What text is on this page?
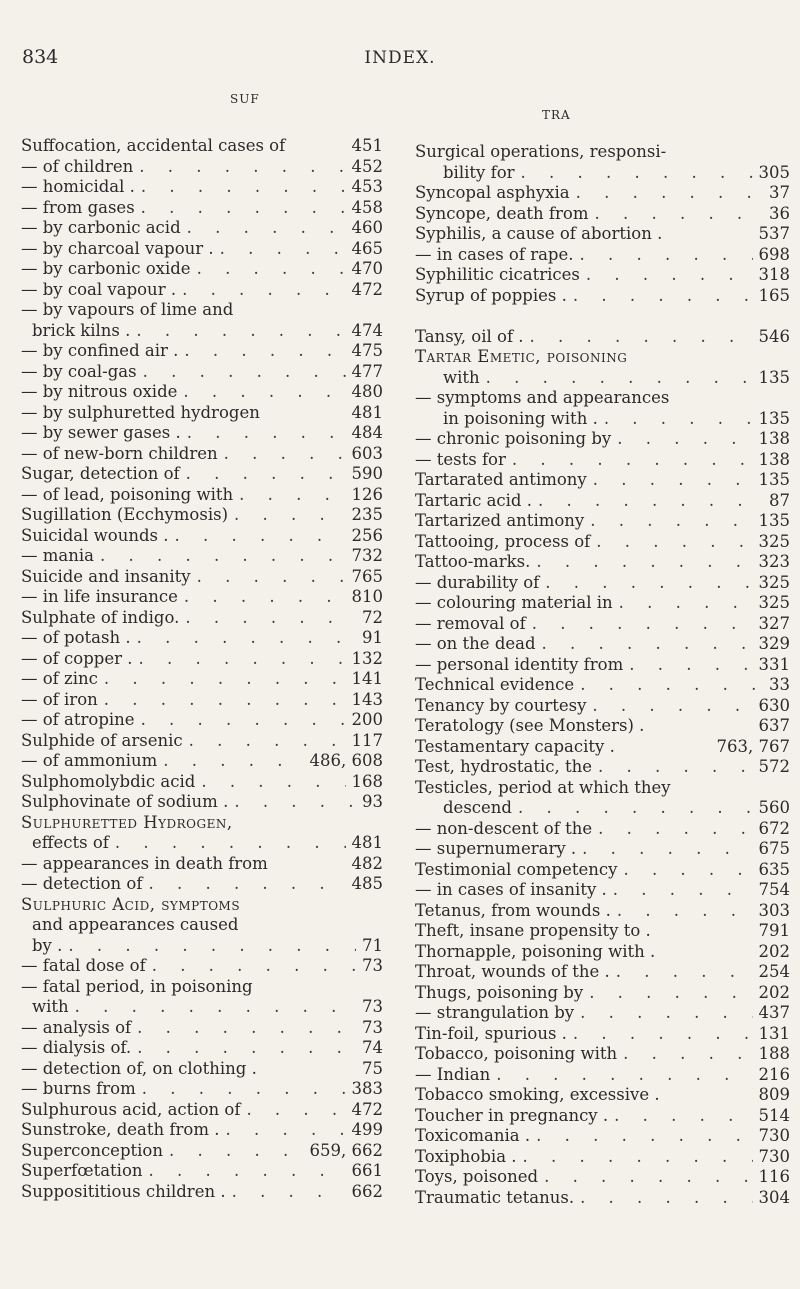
834	INDEX.
SUF
TRA
Suffocation, accidental cases of	451
— of children . . .	452
— homicidal . . . .	453
— from gases . . .	458
— by carbonic acid . . .	460
— by charcoal vapour . . . .	465
— by carbonic oxide . . .	470
— by coal vapour . . . .	472
— by vapours of lime and
brick kilns . . . .	474
— by confined air . . . .	475
— by coal-gas . . .	477
— by nitrous oxide . . .	480
— by sulphuretted hydrogen	481
— by sewer gases . . . .	484
— of new-born children . . .	603
Sugar, detection of . . .	590
— of lead, poisoning with . . .	126
Sugillation (Ecchymosis) . . .	235
Suicidal wounds . . . .	256
— mania . . .	732
Suicide and insanity . . .	765
— in life insurance . . .	810
Sulphate of indigo. . . .	72
— of potash . . . .	91
— of copper . . . .	132
— of zinc . . .	141
— of iron . . .	143
— of atropine . . .	200
Sulphide of arsenic . . .	117
— of ammonium . . .	486, 608
Sulphomolybdic acid . . .	168
Sulphovinate of sodium . . . .	93
Sulphuretted Hydrogen,
effects of . . .	481
— appearances in death from	482
— detection of . . .	485
Sulphuric Acid, symptoms
and appearances caused
by . . . .	71
— fatal dose of . . .	73
— fatal period, in poisoning
with . . .	73
— analysis of . . .	73
— dialysis of. . . .	74
— detection of, on clothing .	75
— burns from . . .	383
Sulphurous acid, action of . . .	472
Sunstroke, death from . . . .	499
Superconception . . .	659, 662
Superfœtation . . .	661
Supposititious children . . . .	662
Surgical operations, responsi-
bility for . . .	305
Syncopal asphyxia . . .	37
Syncope, death from . . .	36
Syphilis, a cause of abortion .	537
— in cases of rape. . . .	698
Syphilitic cicatrices . . .	318
Syrup of poppies . . . .	165
Tansy, oil of . . . .	546
Tartar Emetic, poisoning
with . . .	135
— symptoms and appearances
in poisoning with . . . .	135
— chronic poisoning by . . .	138
— tests for . . .	138
Tartarated antimony . . .	135
Tartaric acid . . . .	87
Tartarized antimony . . .	135
Tattooing, process of . . .	325
Tattoo-marks. . . .	323
— durability of . . .	325
— colouring material in . . .	325
— removal of . . .	327
— on the dead . . .	329
— personal identity from . . .	331
Technical evidence . . .	33
Tenancy by courtesy . . .	630
Teratology (see Monsters) .	637
Testamentary capacity .	763, 767
Test, hydrostatic, the . . .	572
Testicles, period at which they
descend . . .	560
— non-descent of the . . .	672
— supernumerary . . . .	675
Testimonial competency . . .	635
— in cases of insanity . . . .	754
Tetanus, from wounds . . . .	303
Theft, insane propensity to .	791
Thornapple, poisoning with .	202
Throat, wounds of the . . . .	254
Thugs, poisoning by . . .	202
— strangulation by . . .	437
Tin-foil, spurious . . . .	131
Tobacco, poisoning with . . .	188
— Indian . . .	216
Tobacco smoking, excessive .	809
Toucher in pregnancy . . . .	514
Toxicomania . . . .	730
Toxiphobia . . . .	730
Toys, poisoned . . .	116
Traumatic tetanus. . . .	304
